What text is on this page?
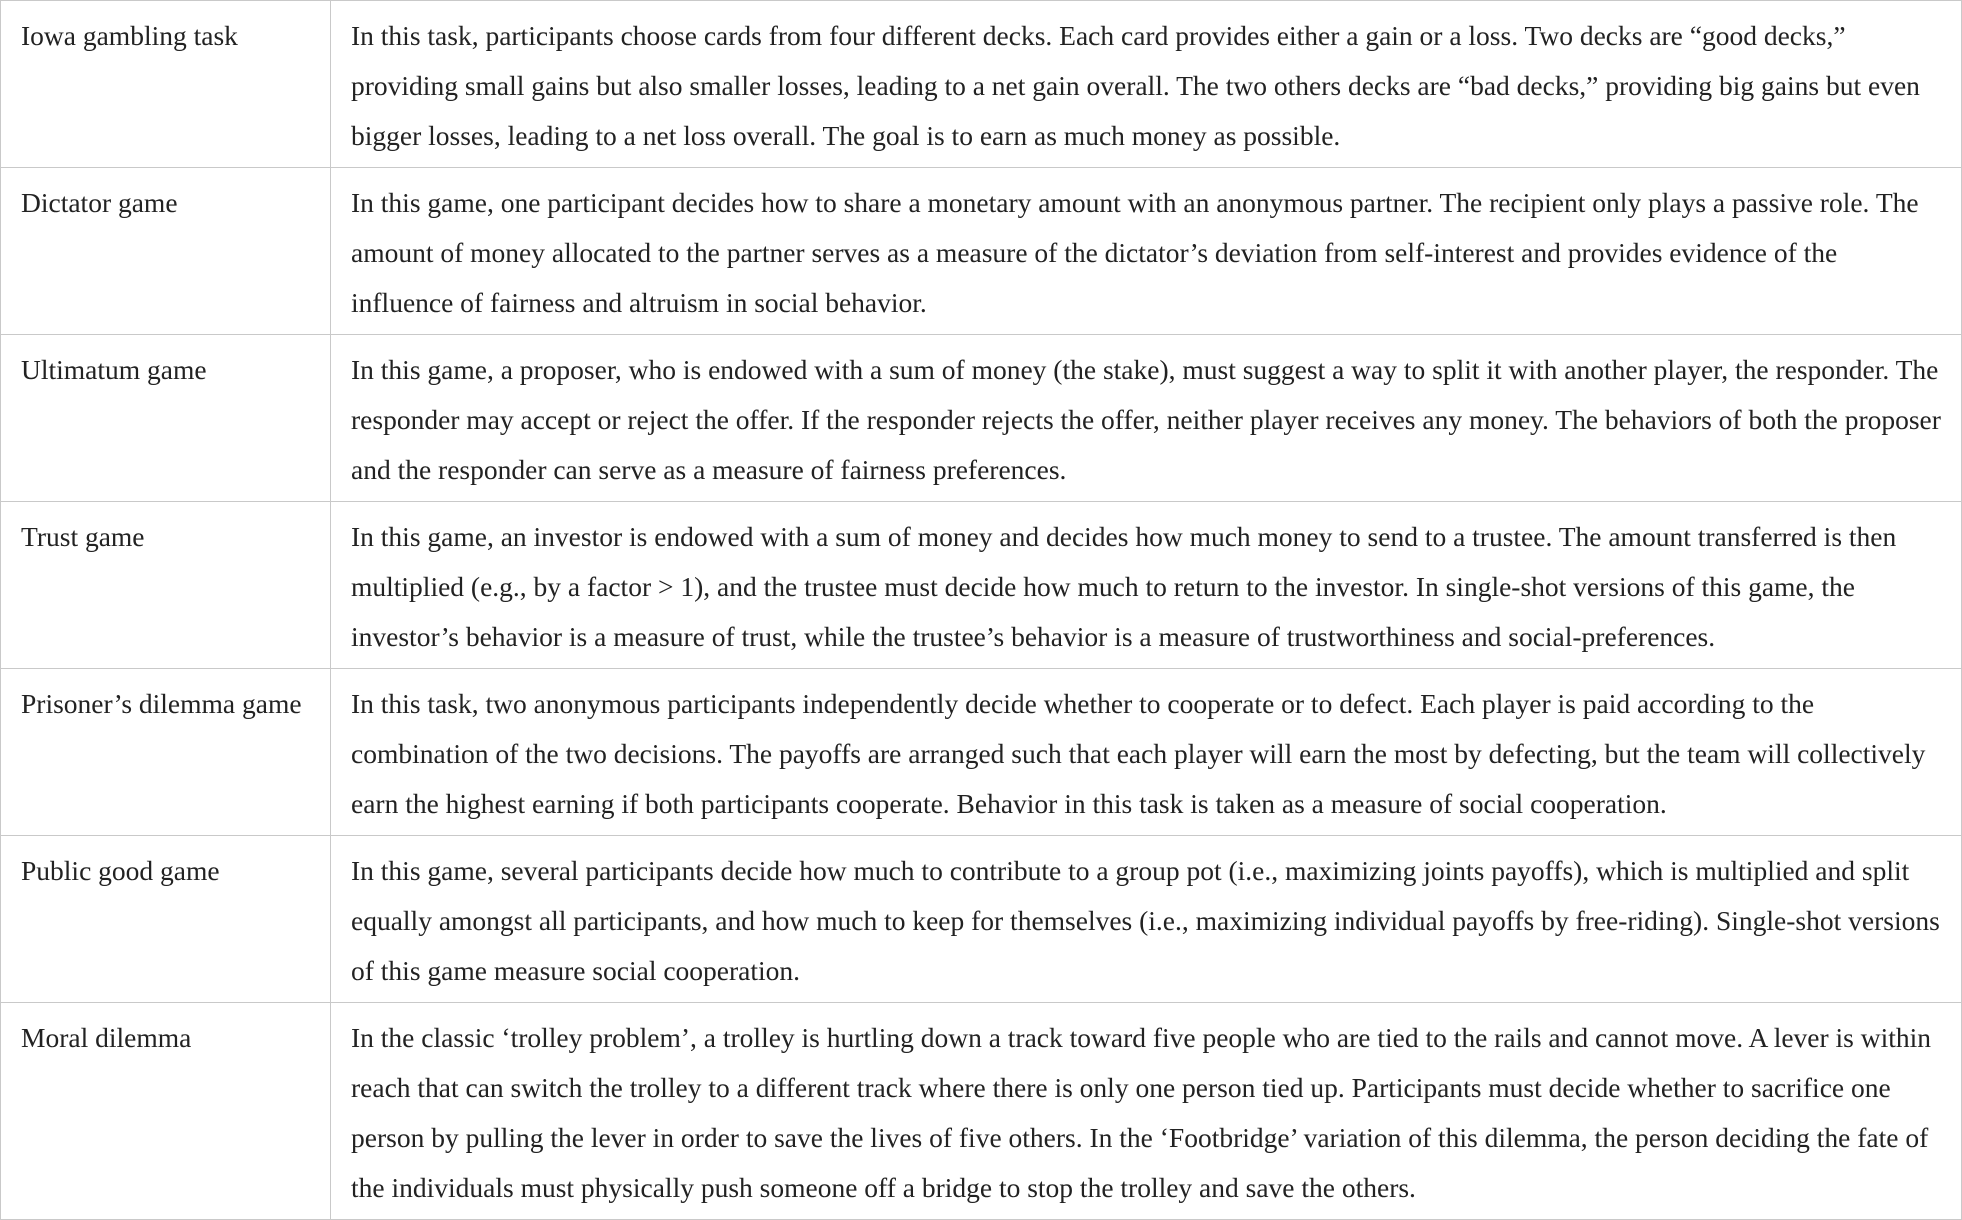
Iowa gambling task	In this task, participants choose cards from four different decks. Each card provides either a gain or a loss. Two decks are “good decks,” providing small gains but also smaller losses, leading to a net gain overall. The two others decks are “bad decks,” providing big gains but even bigger losses, leading to a net loss overall. The goal is to earn as much money as possible.
Dictator game	In this game, one participant decides how to share a monetary amount with an anonymous partner. The recipient only plays a passive role. The amount of money allocated to the partner serves as a measure of the dictator’s deviation from self-interest and provides evidence of the influence of fairness and altruism in social behavior.
Ultimatum game	In this game, a proposer, who is endowed with a sum of money (the stake), must suggest a way to split it with another player, the responder. The responder may accept or reject the offer. If the responder rejects the offer, neither player receives any money. The behaviors of both the proposer and the responder can serve as a measure of fairness preferences.
Trust game	In this game, an investor is endowed with a sum of money and decides how much money to send to a trustee. The amount transferred is then multiplied (e.g., by a factor > 1), and the trustee must decide how much to return to the investor. In single-shot versions of this game, the investor’s behavior is a measure of trust, while the trustee’s behavior is a measure of trustworthiness and social-preferences.
Prisoner’s dilemma game	In this task, two anonymous participants independently decide whether to cooperate or to defect. Each player is paid according to the combination of the two decisions. The payoffs are arranged such that each player will earn the most by defecting, but the team will collectively earn the highest earning if both participants cooperate. Behavior in this task is taken as a measure of social cooperation.
Public good game	In this game, several participants decide how much to contribute to a group pot (i.e., maximizing joints payoffs), which is multiplied and split equally amongst all participants, and how much to keep for themselves (i.e., maximizing individual payoffs by free-riding). Single-shot versions of this game measure social cooperation.
Moral dilemma	In the classic ‘trolley problem’, a trolley is hurtling down a track toward five people who are tied to the rails and cannot move. A lever is within reach that can switch the trolley to a different track where there is only one person tied up. Participants must decide whether to sacrifice one person by pulling the lever in order to save the lives of five others. In the ‘Footbridge’ variation of this dilemma, the person deciding the fate of the individuals must physically push someone off a bridge to stop the trolley and save the others.
